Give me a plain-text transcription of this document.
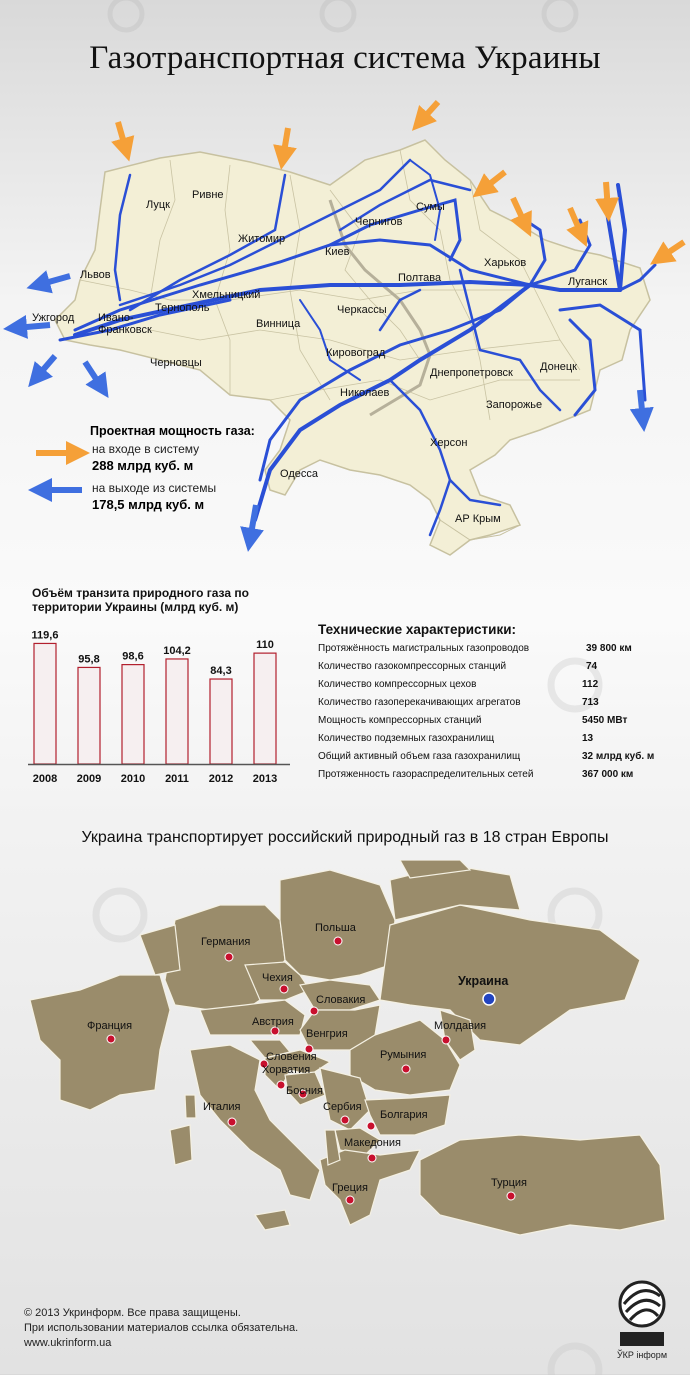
Газотранспортная система Украины
Луцк
Ривне
Житомир
Чернигов
Сумы
Киев
Харьков
Луганск
Львов	Полтава
Хмельницкий
Ужгород
Тернополь
Ивано-
Франковск	Винница
Черкассы
Кировоград
Черновцы
Днепропетровск Донецк
Николаев
Запорожье
Херсон
Одесса
АР Крым
Проектная мощность газа:
на входе в систему
288 млрд куб. м
на выходе из системы
178,5 млрд куб. м
Объём транзита природного газа по территории Украины (млрд куб. м)
119,6
2008
95,8
2009
98,6
2010
104,2
2011
84,3
2012
110
2013
Технические характеристики:
Протяжённость магистральных газопроводов	39 800 км
Количество газокомпрессорных станций	74
Количество компрессорных цехов	112
Количество газоперекачивающих агрегатов	713
Мощность компрессорных станций	5450 МВт
Количество подземных газохранилищ	13
Общий активный объем газа газохранилищ	32 млрд куб. м
Протяженность газораспределительных сетей	367 000 км
Украина транспортирует российский природный газ в 18 стран Европы
Польша
Германия
Чехия
Словакия
Украина
Франция	Австрия
Венгрия
Молдавия
Словения
Хорватия
Румыния
Италия
Босния
Сербия
Болгария
Македония
Греция	Турция
© 2013 Укринформ. Все права защищены.
При использовании материалов ссылка обязательна.
www.ukrinform.ua
ЎКР інформ
